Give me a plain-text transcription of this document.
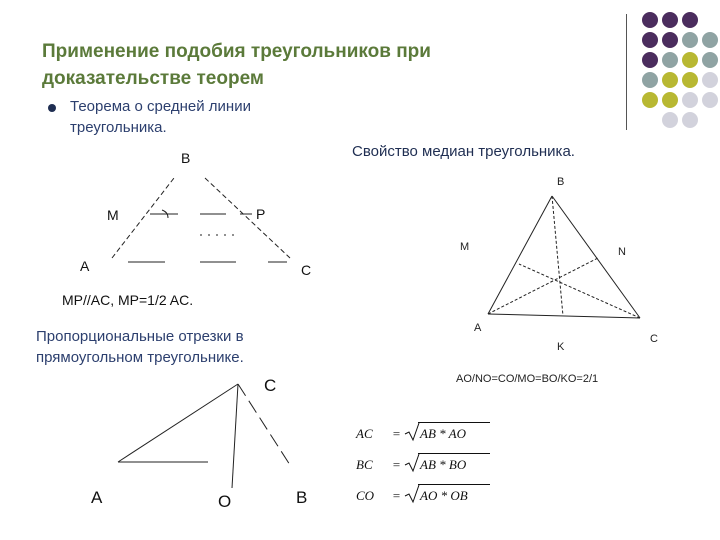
Применение подобия треугольников при
доказательстве теорем
Теорема о средней линии
треугольника.
B
M	P
A	C
MP//AC, MP=1/2 AC.
Свойство медиан треугольника.
B
M	N
A
C
K
AO/NO=CO/MO=BO/KO=2/1
Пропорциональные отрезки в
прямоугольном треугольнике.
C
A	O	B
AC = AB * AO
BC = AB * BO
CO = AO * OB
